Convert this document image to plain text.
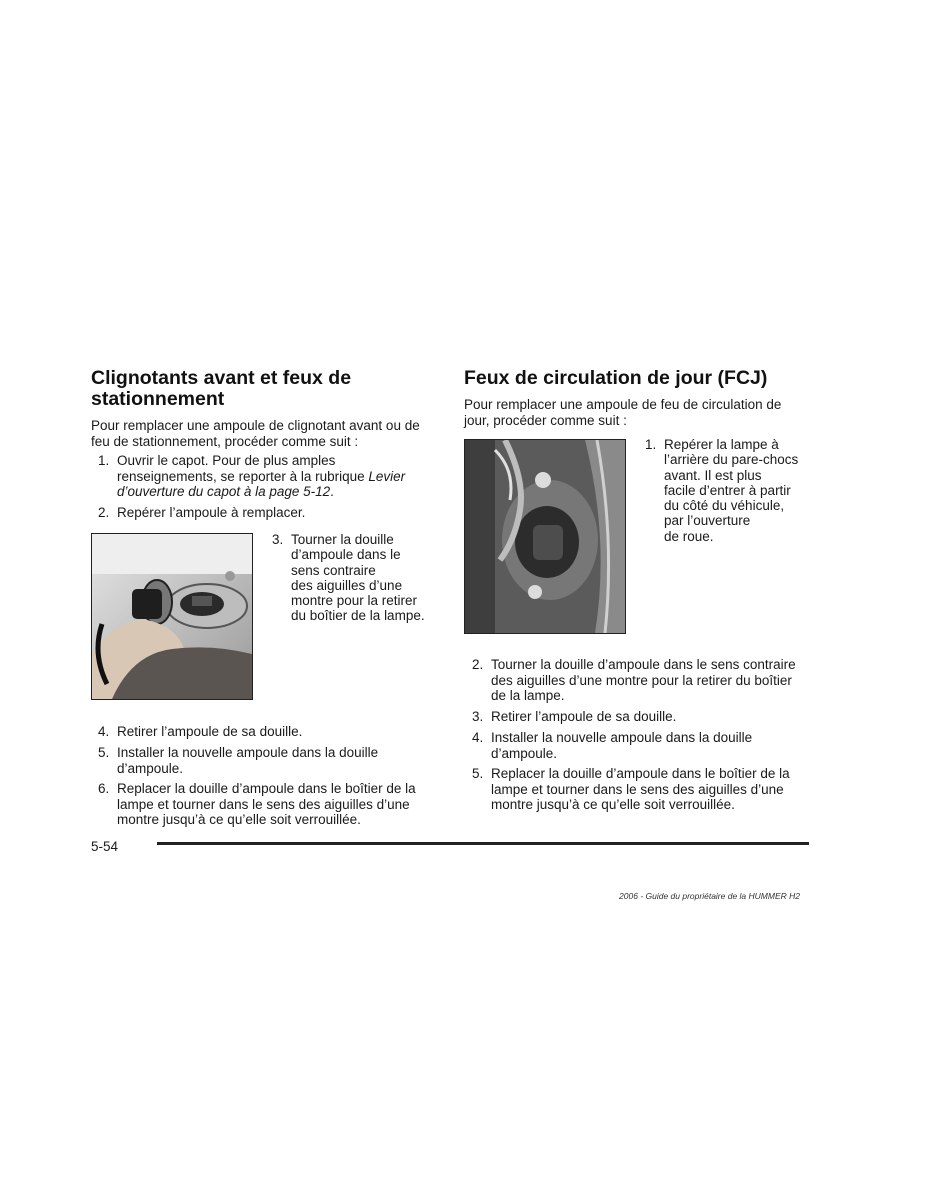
Clignotants avant et feux de
stationnement

Pour remplacer une ampoule de clignotant avant ou de
feu de stationnement, procéder comme suit :

1. Ouvrir le capot. Pour de plus amples
renseignements, se reporter à la rubrique Levier
d’ouverture du capot à la page 5-12.
2. Repérer l’ampoule à remplacer.
3. Tourner la douille
d’ampoule dans le
sens contraire
des aiguilles d’une
montre pour la retirer
du boîtier de la lampe.
4. Retirer l’ampoule de sa douille.
5. Installer la nouvelle ampoule dans la douille
d’ampoule.
6. Replacer la douille d’ampoule dans le boîtier de la
lampe et tourner dans le sens des aiguilles d’une
montre jusqu’à ce qu’elle soit verrouillée.
Feux de circulation de jour (FCJ)

Pour remplacer une ampoule de feu de circulation de
jour, procéder comme suit :

1. Repérer la lampe à
l’arrière du pare-chocs
avant. Il est plus
facile d’entrer à partir
du côté du véhicule,
par l’ouverture
de roue.
2. Tourner la douille d’ampoule dans le sens contraire
des aiguilles d’une montre pour la retirer du boîtier
de la lampe.
3. Retirer l’ampoule de sa douille.
4. Installer la nouvelle ampoule dans la douille
d’ampoule.
5. Replacer la douille d’ampoule dans le boîtier de la
lampe et tourner dans le sens des aiguilles d’une
montre jusqu’à ce qu’elle soit verrouillée.
5-54
2006 - Guide du propriétaire de la HUMMER H2
